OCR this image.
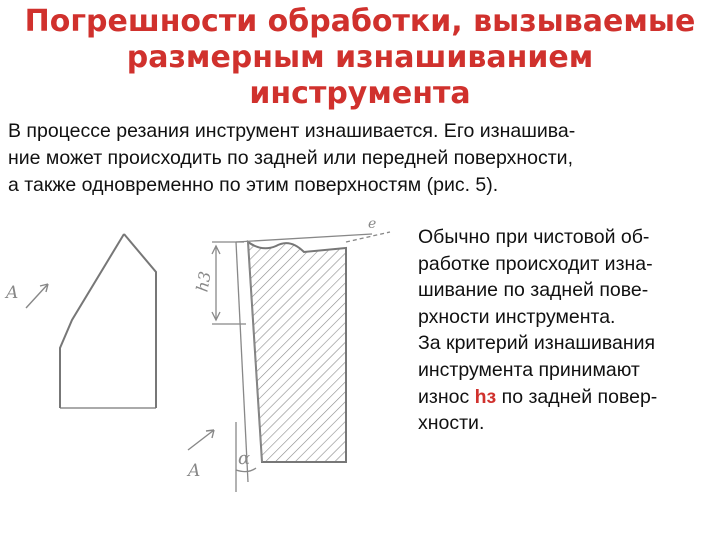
Погрешности обработки, вызываемые
размерным изнашиванием
инструмента
В процессе резания инструмент изнашивается. Его изнашива-
ние может происходить по задней или передней поверхности,
а также одновременно по этим поверхностям (рис. 5).
A	h3
e
α
A
Обычно при чистовой об-
работке происходит изна-
шивание по задней пове-
рхности инструмента.
За критерий изнашивания
инструмента принимают
износ hз по задней повер-
хности.
